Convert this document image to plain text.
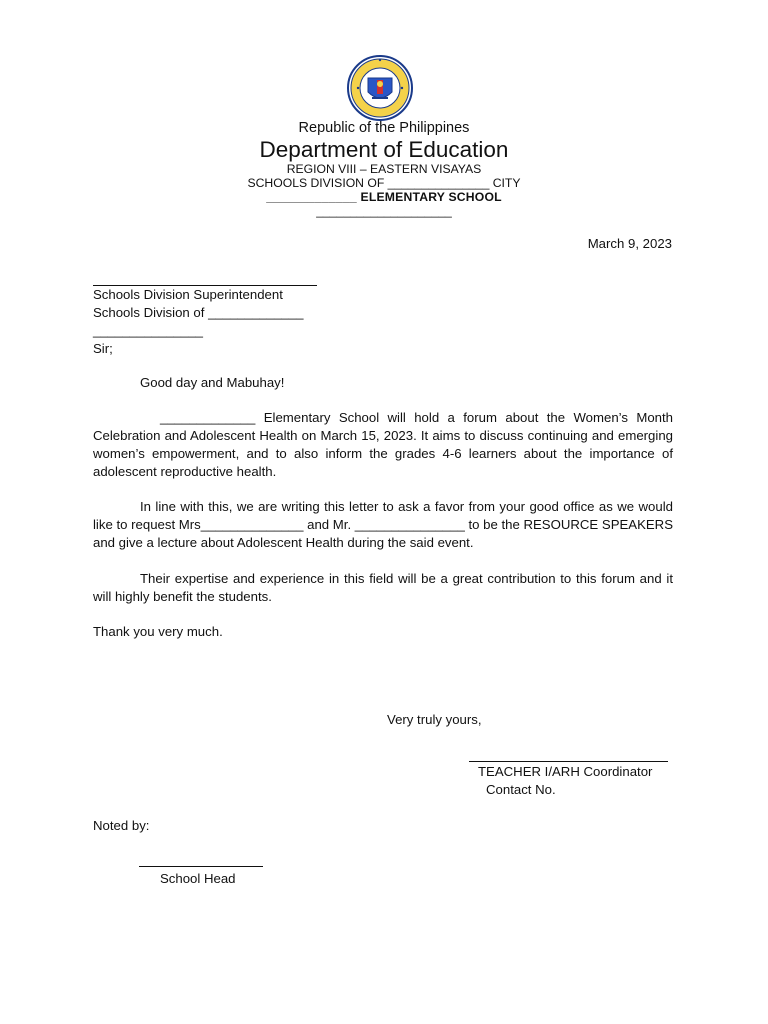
Republic of the Philippines
Department of Education
REGION VIII – EASTERN VISAYAS
SCHOOLS DIVISION OF _______________ CITY
_____________ ELEMENTARY SCHOOL
____________________
March 9, 2023
Schools Division Superintendent
Schools Division of _____________
_______________
Sir;
Good day and Mabuhay!
_____________ Elementary School will hold a forum about the Women’s Month Celebration and Adolescent Health on March 15, 2023. It aims to discuss continuing and emerging women’s empowerment, and to also inform the grades 4-6 learners about the importance of adolescent reproductive health.
In line with this, we are writing this letter to ask a favor from your good office as we would like to request Mrs______________ and Mr. _______________ to be the RESOURCE SPEAKERS and give a lecture about Adolescent Health during the said event.
Their expertise and experience in this field will be a great contribution to this forum and it will highly benefit the students.
Thank you very much.
Very truly yours,
TEACHER I/ARH Coordinator
Contact No.
Noted by:
School Head
